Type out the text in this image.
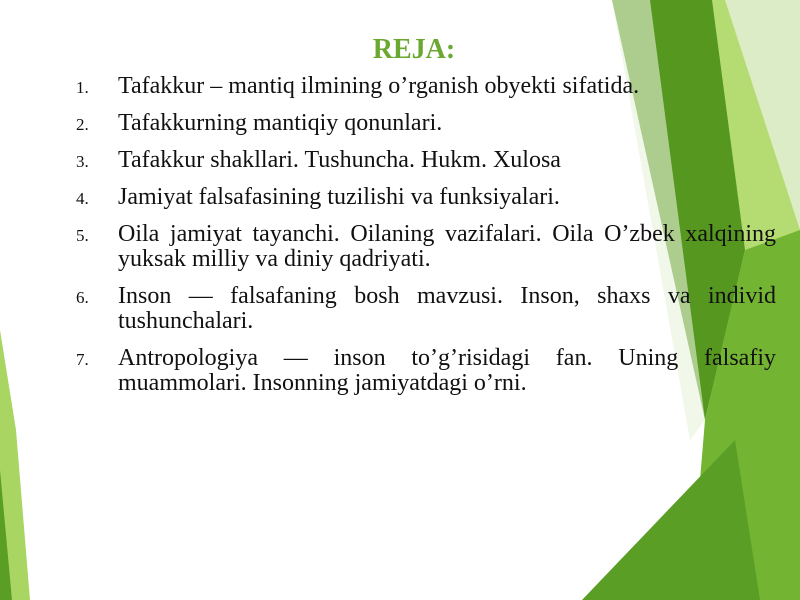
REJA:
1.	Tafakkur – mantiq ilmining o’rganish obyekti sifatida.
2.	Tafakkurning mantiqiy qonunlari.
3.	Tafakkur shakllari. Tushuncha. Hukm. Xulosa
4.	Jamiyat falsafasining tuzilishi va funksiyalari.
5.	Oila jamiyat tayanchi. Oilaning vazifalari. Oila O’zbek xalqining yuksak milliy va diniy qadriyati.
6.	Inson –– falsafaning bosh mavzusi. Inson, shaxs va individ tushunchalari.
7.	Antropologiya –– inson to’g’risidagi fan. Uning falsafiy muammolari. Insonning jamiyatdagi o’rni.
